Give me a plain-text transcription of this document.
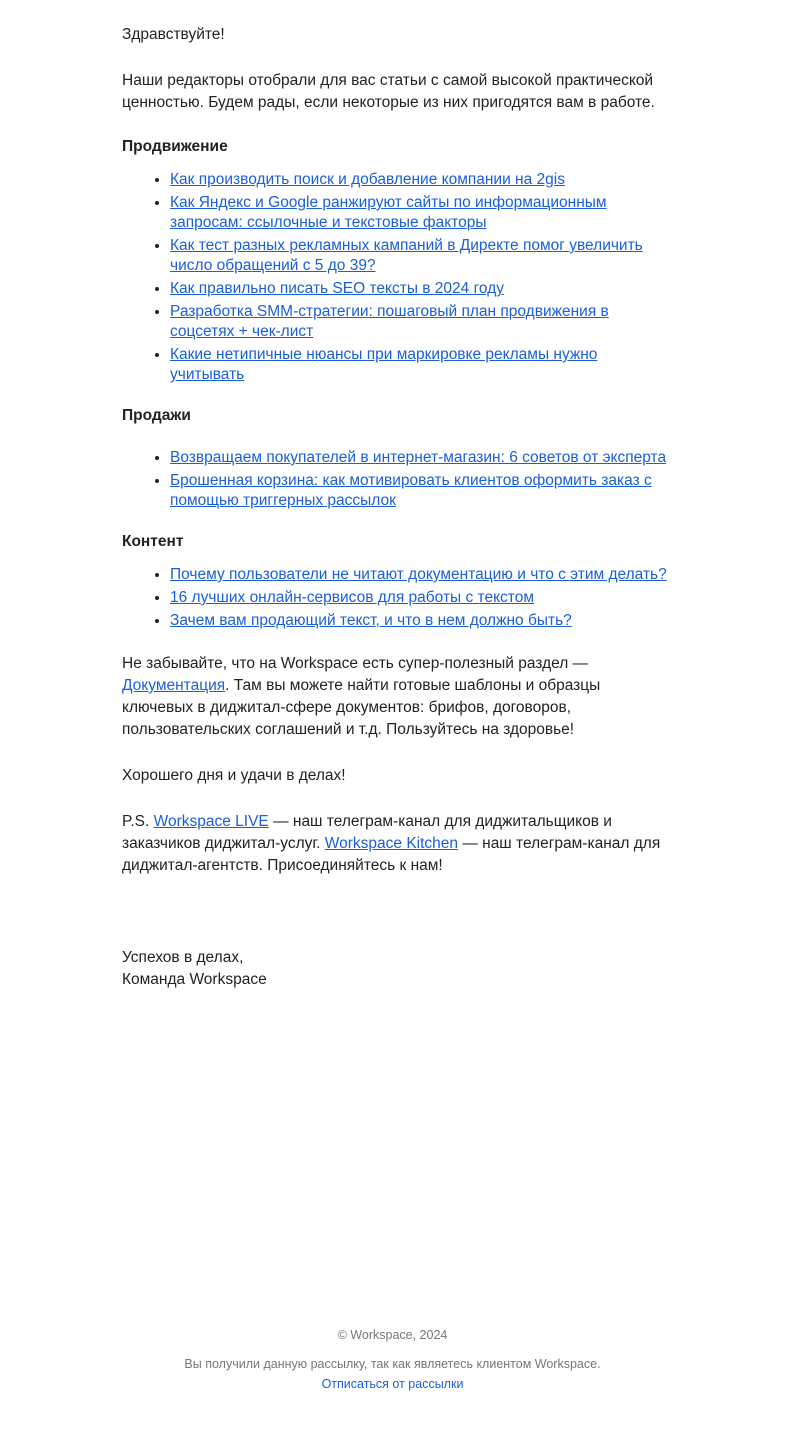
Здравствуйте!

Наши редакторы отобрали для вас статьи с самой высокой практической ценностью. Будем рады, если некоторые из них пригодятся вам в работе.

Продвижение
• Как производить поиск и добавление компании на 2gis
• Как Яндекс и Google ранжируют сайты по информационным запросам: ссылочные и текстовые факторы
• Как тест разных рекламных кампаний в Директе помог увеличить число обращений с 5 до 39?
• Как правильно писать SEO тексты в 2024 году
• Разработка SMM-стратегии: пошаговый план продвижения в соцсетях + чек-лист
• Какие нетипичные нюансы при маркировке рекламы нужно учитывать
Продажи
• Возвращаем покупателей в интернет-магазин: 6 советов от эксперта
• Брошенная корзина: как мотивировать клиентов оформить заказ с помощью триггерных рассылок
Контент
• Почему пользователи не читают документацию и что с этим делать?
• 16 лучших онлайн-сервисов для работы с текстом
• Зачем вам продающий текст, и что в нем должно быть?

Не забывайте, что на Workspace есть супер-полезный раздел — Документация. Там вы можете найти готовые шаблоны и образцы ключевых в диджитал-сфере документов: брифов, договоров, пользовательских соглашений и т.д. Пользуйтесь на здоровье!

Хорошего дня и удачи в делах!

P.S. Workspace LIVE — наш телеграм-канал для диджитальщиков и заказчиков диджитал-услуг. Workspace Kitchen — наш телеграм-канал для диджитал-агентств. Присоединяйтесь к нам!

Успехов в делах,

Команда Workspace

© Workspace, 2024
Вы получили данную рассылку, так как являетесь клиентом Workspace.
Отписаться от рассылки
